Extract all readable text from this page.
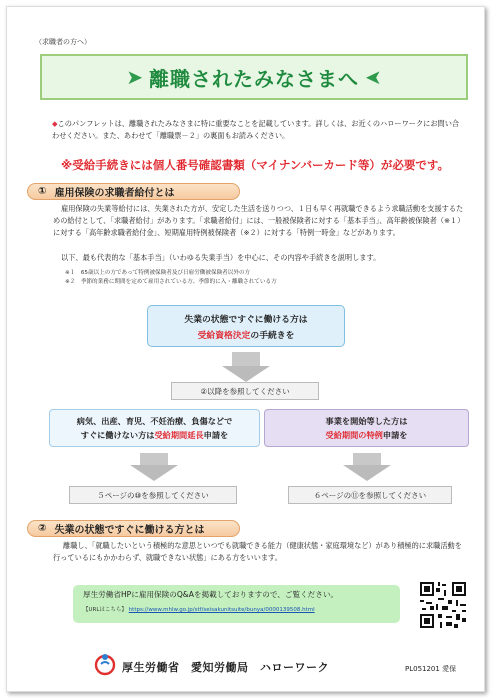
（求職者の方へ）
➤ 離職されたみなさまへ ➤
◆このパンフレットは、離職されたみなさまに特に重要なことを記載しています。詳しくは、お近くのハローワークにお問い合わせください。また、あわせて「離職票－２」の裏面もお読みください。
※受給手続きには個人番号確認書類（マイナンバーカード等）が必要です。
① 雇用保険の求職者給付とは
雇用保険の失業等給付には、失業された方が、安定した生活を送りつつ、１日も早く再就職できるよう求職活動を支援するための給付として、「求職者給付」があります。「求職者給付」には、一般被保険者に対する「基本手当」、高年齢被保険者（※１）に対する「高年齢求職者給付金」、短期雇用特例被保険者（※２）に対する「特例一時金」などがあります。
以下、最も代表的な「基本手当」（いわゆる失業手当）を中心に、その内容や手続きを説明します。
※１　65歳以上の方であって特例被保険者及び日雇労働被保険者以外の方
※２　季節的業務に期間を定めて雇用されている方、季節的に入・離職されている方
失業の状態ですぐに働ける方は
受給資格決定の手続きを
②以降を参照してください
病気、出産、育児、不妊治療、負傷などで
すぐに働けない方は受給期間延長申請を
事業を開始等した方は
受給期間の特例申請を
５ページの⑩を参照してください	６ページの⑪を参照してください
② 失業の状態ですぐに働ける方とは
離職し、「就職したいという積極的な意思といつでも就職できる能力（健康状態・家庭環境など）があり積極的に求職活動を行っているにもかかわらず、就職できない状態」にある方をいいます。
厚生労働省HPに雇用保険のQ&Aを掲載しておりますので、ご覧ください。
【URLはこちら】 https://www.mhlw.go.jp/stf/seisakunitsuite/bunya/0000139508.html
厚生労働省　 愛知労働局　 ハローワーク	PL051201 愛保
